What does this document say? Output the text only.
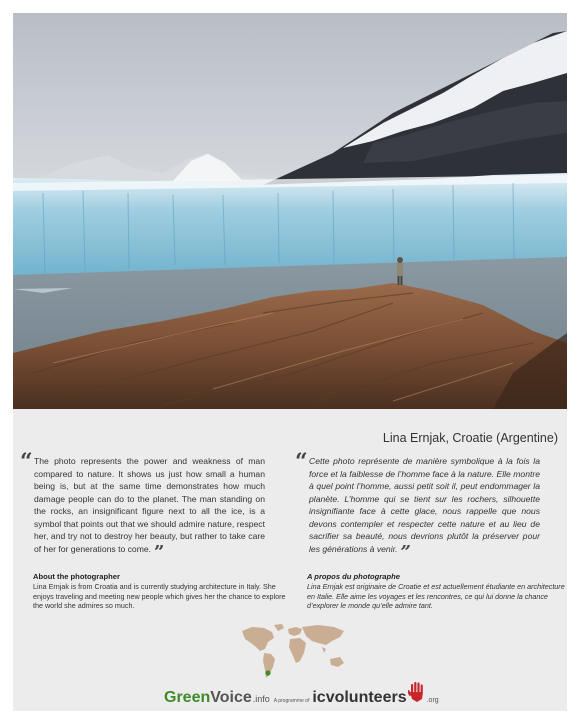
Lina Ernjak, Croatie (Argentine)
“ The photo represents the power and weakness of man compared to nature. It shows us just how small a human being is, but at the same time demonstrates how much damage people can do to the planet. The man standing on the rocks, an insignificant figure next to all the ice, is a symbol that points out that we should admire nature, respect her, and try not to destroy her beauty, but rather to take care of her for generations to come. ”

“ Cette photo représente de manière symbolique à la fois la force et la faiblesse de l’homme face à la nature. Elle montre à quel point l’homme, aussi petit soit il, peut endommager la planète. L’homme qui se tient sur les rochers, silhouette insignifiante face à cette glace, nous rappelle que nous devons contempler et respecter cette nature et au lieu de sacrifier sa beauté, nous devrions plutôt la préserver pour les générations à venir. ”

About the photographer

Lina Ernjak is from Croatia and is currently studying architecture in Italy. She enjoys traveling and meeting new people which gives her the chance to explore the world she admires so much.

A propos du photographe

Lina Ernjak est originaire de Croatie et est actuellement étudiante en architecture en Italie. Elle aime les voyages et les rencontres, ce qui lui donne la chance d’explorer le monde qu’elle admire tant.

Green Voice .info A programme of icvolunteers	.org
